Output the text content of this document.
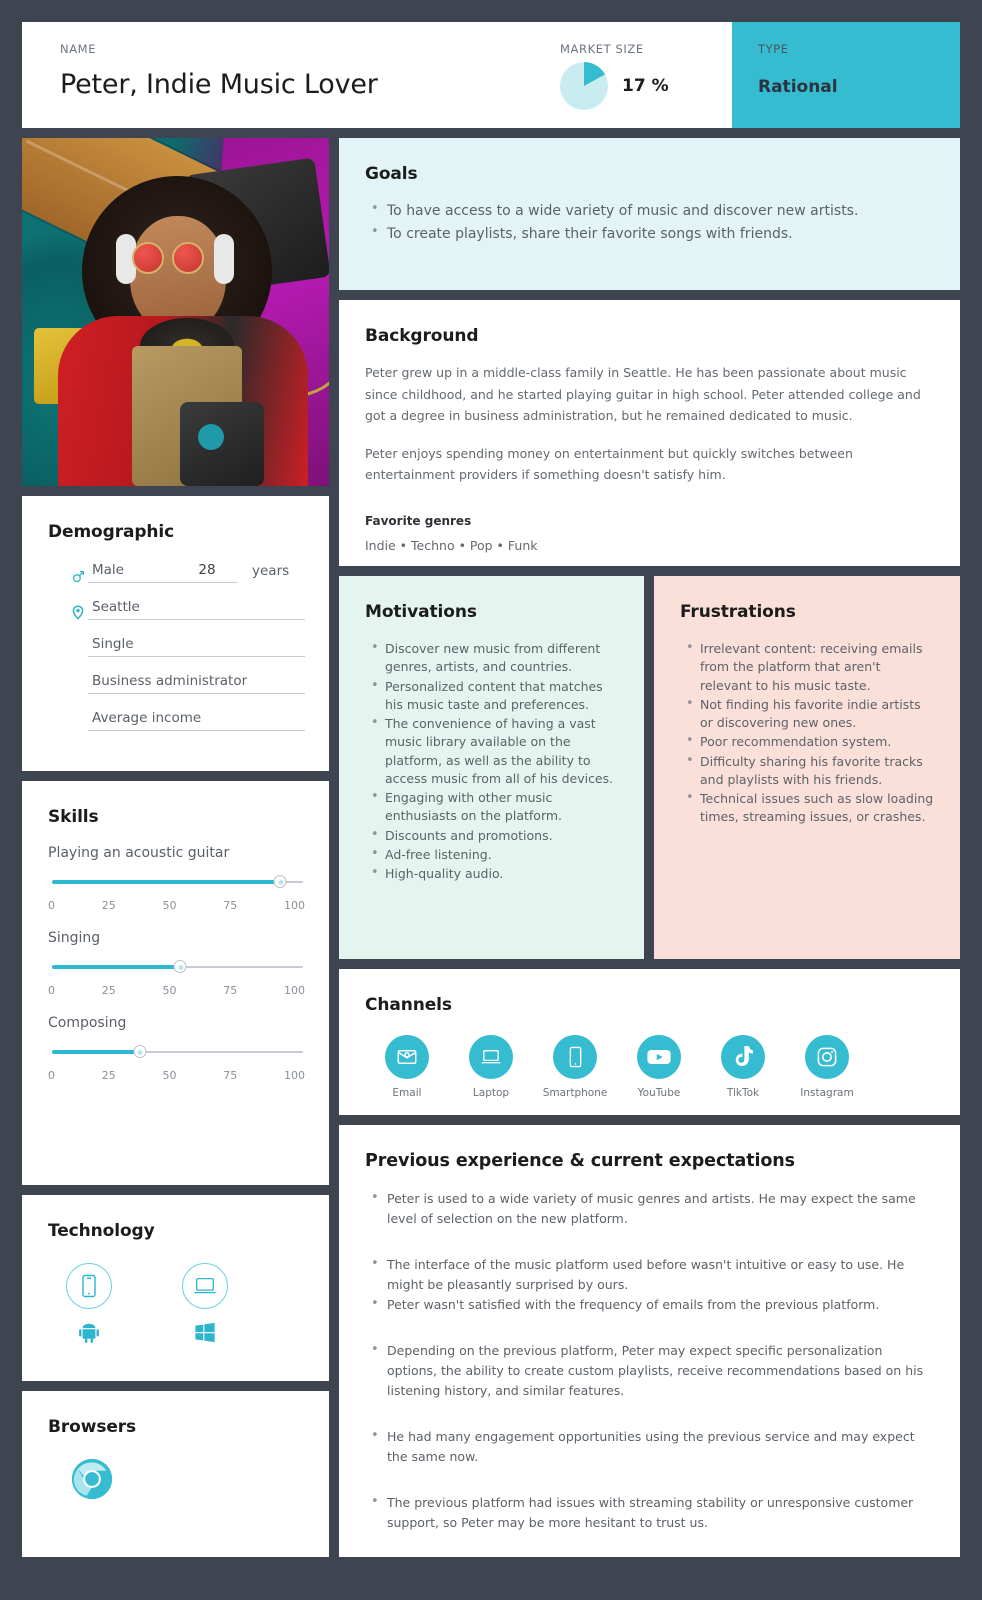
NAME
Peter, Indie Music Lover
MARKET SIZE
17 %
TYPE
Rational
Demographic
Male	28	years
Seattle
Single
Business administrator
Average income
Skills
Playing an acoustic guitar
0	25	50	75	100
Singing
0	25	50	75	100
Composing
0	25	50	75	100
Technology
Browsers
Goals
• To have access to a wide variety of music and discover new artists.
• To create playlists, share their favorite songs with friends.
Background
Peter grew up in a middle-class family in Seattle. He has been passionate about music since childhood, and he started playing guitar in high school. Peter attended college and got a degree in business administration, but he remained dedicated to music.
Peter enjoys spending money on entertainment but quickly switches between entertainment providers if something doesn't satisfy him.
Favorite genres
Indie • Techno • Pop • Funk
Motivations
• Discover new music from different genres, artists, and countries.
• Personalized content that matches his music taste and preferences.
• The convenience of having a vast music library available on the platform, as well as the ability to access music from all of his devices.
• Engaging with other music enthusiasts on the platform.
• Discounts and promotions.
• Ad-free listening.
• High-quality audio.
Frustrations
• Irrelevant content: receiving emails from the platform that aren't relevant to his music taste.
• Not finding his favorite indie artists or discovering new ones.
• Poor recommendation system.
• Difficulty sharing his favorite tracks and playlists with his friends.
• Technical issues such as slow loading times, streaming issues, or crashes.
Channels
Email	Laptop	Smartphone	YouTube	TikTok	Instagram
Previous experience & current expectations
• Peter is used to a wide variety of music genres and artists. He may expect the same level of selection on the new platform.
• The interface of the music platform used before wasn't intuitive or easy to use. He might be pleasantly surprised by ours.
• Peter wasn't satisfied with the frequency of emails from the previous platform.
• Depending on the previous platform, Peter may expect specific personalization options, the ability to create custom playlists, receive recommendations based on his listening history, and similar features.
• He had many engagement opportunities using the previous service and may expect the same now.
• The previous platform had issues with streaming stability or unresponsive customer support, so Peter may be more hesitant to trust us.
